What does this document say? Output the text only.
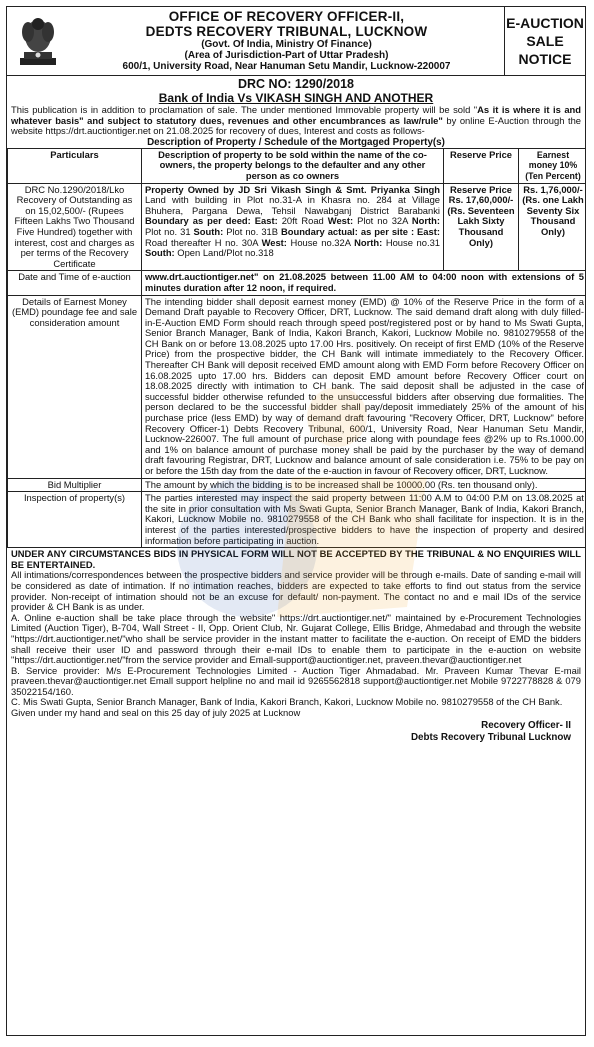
OFFICE OF RECOVERY OFFICER-II,
DEDTS RECOVERY TRIBUNAL, LUCKNOW
(Govt. Of India, Ministry Of Finance)
(Area of Jurisdiction-Part of Uttar Pradesh)
600/1, University Road, Near Hanuman Setu Mandir, Lucknow-220007
E-AUCTION
SALE
NOTICE
DRC NO: 1290/2018
Bank of India Vs VIKASH SINGH AND ANOTHER
This publication is in addition to proclamation of sale. The under mentioned Immovable property will be sold "As it is where it is and whatever basis" and subject to statutory dues, revenues and other encumbrances as law/rule" by online E-Auction through the website https://drt.auctiontiger.net on 21.08.2025 for recovery of dues, Interest and costs as follows-
Description of Property / Schedule of the Mortgaged Property(s)
Particulars	Description of property to be sold within the name of the co-owners, the property belongs to the defaulter and any other person as co owners	Reserve Price	Earnest money 10% (Ten Percent)
DRC No.1290/2018/Lko Recovery of Outstanding as on 15,02,500/- (Rupees Fifteen Lakhs Two Thousand Five Hundred) together with interest, cost and charges as per terms of the Recovery Certificate	Property Owned by JD Sri Vikash Singh & Smt. Priyanka Singh Land with building in Plot no.31-A in Khasra no. 284 at Village Bhuhera, Pargana Dewa, Tehsil Nawabganj District Barabanki Boundary as per deed: East: 20ft Road West: Plot no 32A North: Plot no. 31 South: Plot no. 31B Boundary actual: as per site : East: Road thereafter H no. 30A West: House no.32A North: House no.31 South: Open Land/Plot no.318	Reserve Price Rs. 17,60,000/- (Rs. Seventeen Lakh Sixty Thousand Only)	Rs. 1,76,000/- (Rs. one Lakh Seventy Six Thousand Only)
Date and Time of e-auction	www.drt.auctiontiger.net" on 21.08.2025 between 11.00 AM to 04:00 noon with extensions of 5 minutes duration after 12 noon, if required.		
Details of Earnest Money (EMD) poundage fee and sale consideration amount	The intending bidder shall deposit earnest money (EMD) @ 10% of the Reserve Price in the form of a Demand Draft payable to Recovery Officer, DRT, Lucknow. The said demand draft along with duly filled-in-E-Auction EMD Form should reach through speed post/registered post or by hand to Ms Swati Gupta, Senior Branch Manager, Bank of India, Kakori Branch, Kakori, Lucknow Mobile no. 9810279558 of the CH Bank on or before 13.08.2025 upto 17.00 Hrs. positively. On receipt of first EMD (10% of the Reserve Price) from the prospective bidder, the CH Bank will intimate immediately to the Recovery Officer. Thereafter CH Bank will deposit received EMD amount along with EMD Form before Recovery Officer on 16.08.2025 upto 17.00 hrs. Bidders can deposit EMD amount before Recovery Officer court on 18.08.2025 directly with intimation to CH bank. The said deposit shall be adjusted in the case of successful bidder otherwise refunded to the unsuccessful bidders after observing due formalities. The person declared to be the successful bidder shall pay/deposit immediately 25% of the amount of his purchase price (less EMD) by way of demand draft favouring "Recovery Officer, DRT, Lucknow" before Recovery Officer-1) Debts Recovery Tribunal, 600/1, University Road, Near Hanuman Setu Mandir, Lucknow-226007. The full amount of purchase price along with poundage fees @2% up to Rs.1000.00 and 1% on balance amount of purchase money shall be paid by the purchaser by the way of demand draft favouring Registrar, DRT, Lucknow and balance amount of sale consideration i.e. 75% to be pay on or before the 15th day from the date of the e-auction in favour of Recovery officer, DRT, Lucknow.		
Bid Multiplier	The amount by which the bidding is to be increased shall be 10000.00 (Rs. ten thousand only).		
Inspection of property(s)	The parties interested may inspect the said property between 11:00 A.M to 04:00 P.M on 13.08.2025 at the site in prior consultation with Ms Swati Gupta, Senior Branch Manager, Bank of India, Kakori Branch, Kakori, Lucknow Mobile no. 9810279558 of the CH Bank who shall facilitate for inspection. It is in the interest of the parties interested/prospective bidders to have the inspection of property and desired information before participating in auction.		
UNDER ANY CIRCUMSTANCES BIDS IN PHYSICAL FORM WILL NOT BE ACCEPTED BY THE TRIBUNAL & NO ENQUIRIES WILL BE ENTERTAINED.
All intimations/correspondences between the prospective bidders and service provider will be through e-mails. Date of sanding e-mail will be considered as date of intimation. If no intimation reaches, bidders are expected to take efforts to find out status from the service provider. Non-receipt of intimation should not be an excuse for default/ non-payment. The contact no and e mail IDs of the service provider & CH Bank is as under.
A. Online e-auction shall be take place through the website" https://drt.auctiontiger.net/" maintained by e-Procurement Technologies Limited (Auction Tiger), B-704, Wall Street - II, Opp. Orient Club, Nr. Gujarat College, Ellis Bridge, Ahmedabad and through the website "https://drt.auctiontiger.net/"who shall be service provider in the instant matter to facilitate the e-auction. On receipt of EMD the bidders shall receive their user ID and password through their e-mail IDs to enable them to participate in the e-auction on website "https://drt.auctiontiger.net/"from the service provider and Emall-support@auctiontiger.net, praveen.thevar@auctiontiger.net
B. Service provider: M/s E-Procurement Technologies Limited - Auction Tiger Ahmadabad. Mr. Praveen Kumar Thevar E-mail praveen.thevar@auctiontiger.net Emall support helpline no and mail id 9265562818 support@auctiontiger.net Mobile 9722778828 & 079 35022154/160.
C. Mis Swati Gupta, Senior Branch Manager, Bank of India, Kakori Branch, Kakori, Lucknow Mobile no. 9810279558 of the CH Bank.
Given under my hand and seal on this 25 day of july 2025 at Lucknow
Recovery Officer- II
Debts Recovery Tribunal Lucknow
